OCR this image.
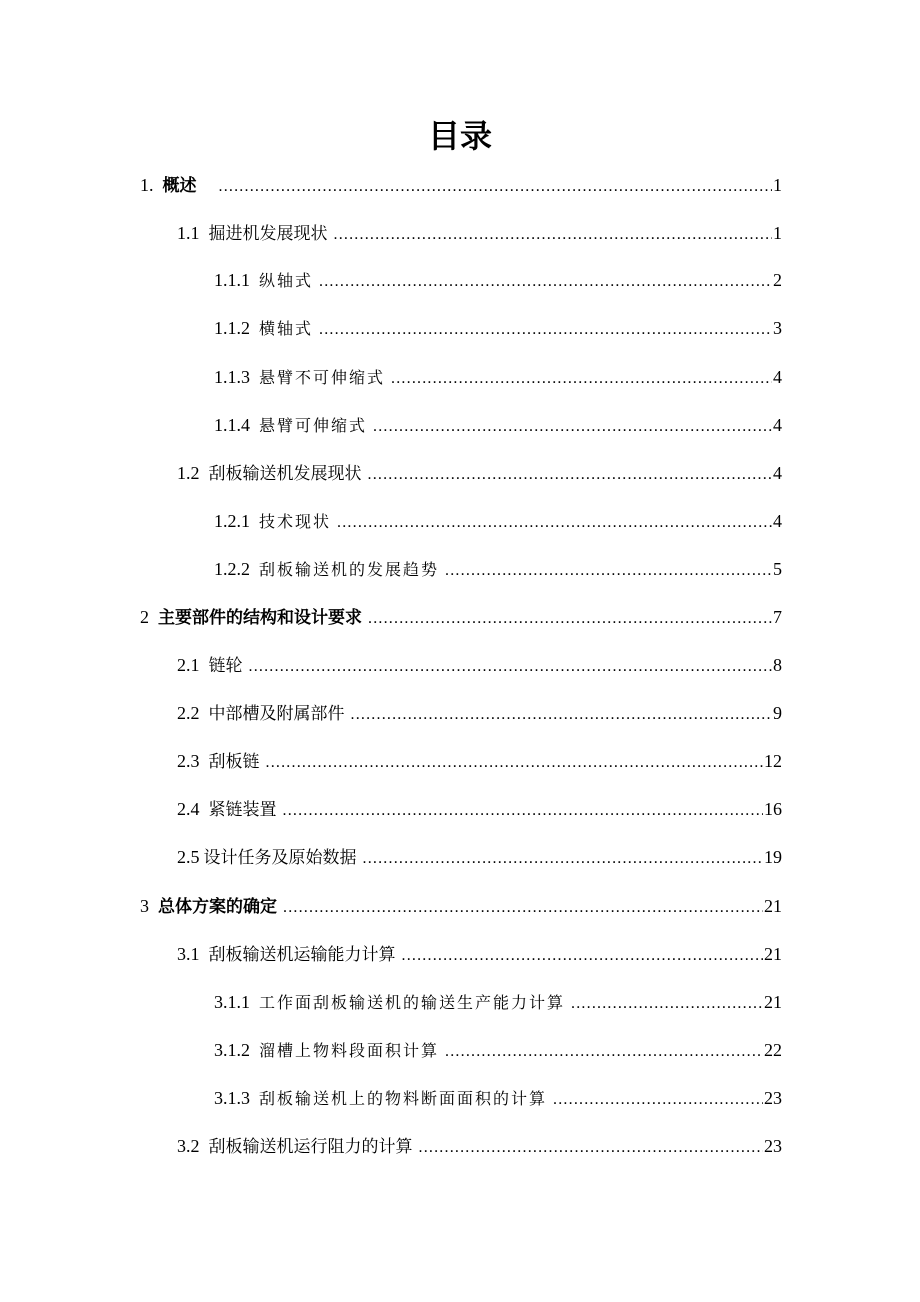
目录
1. 概述 .....	1
1.1 掘进机发展现状 .....	1
1.1.1 纵轴式 .....	2
1.1.2 横轴式 .....	3
1.1.3 悬臂不可伸缩式 .....	4
1.1.4 悬臂可伸缩式 .....	4
1.2 刮板输送机发展现状 .....	4
1.2.1 技术现状 .....	4
1.2.2 刮板输送机的发展趋势 .....	5
2 主要部件的结构和设计要求 .....	7
2.1 链轮 .....	8
2.2 中部槽及附属部件 .....	9
2.3 刮板链 .....	12
2.4 紧链装置 .....	16
2.5 设计任务及原始数据 .....	19
3 总体方案的确定 .....	21
3.1 刮板输送机运输能力计算 .....	21
3.1.1 工作面刮板输送机的输送生产能力计算 .....	21
3.1.2 溜槽上物料段面积计算 .....	22
3.1.3 刮板输送机上的物料断面面积的计算 .....	23
3.2 刮板输送机运行阻力的计算 .....	23
